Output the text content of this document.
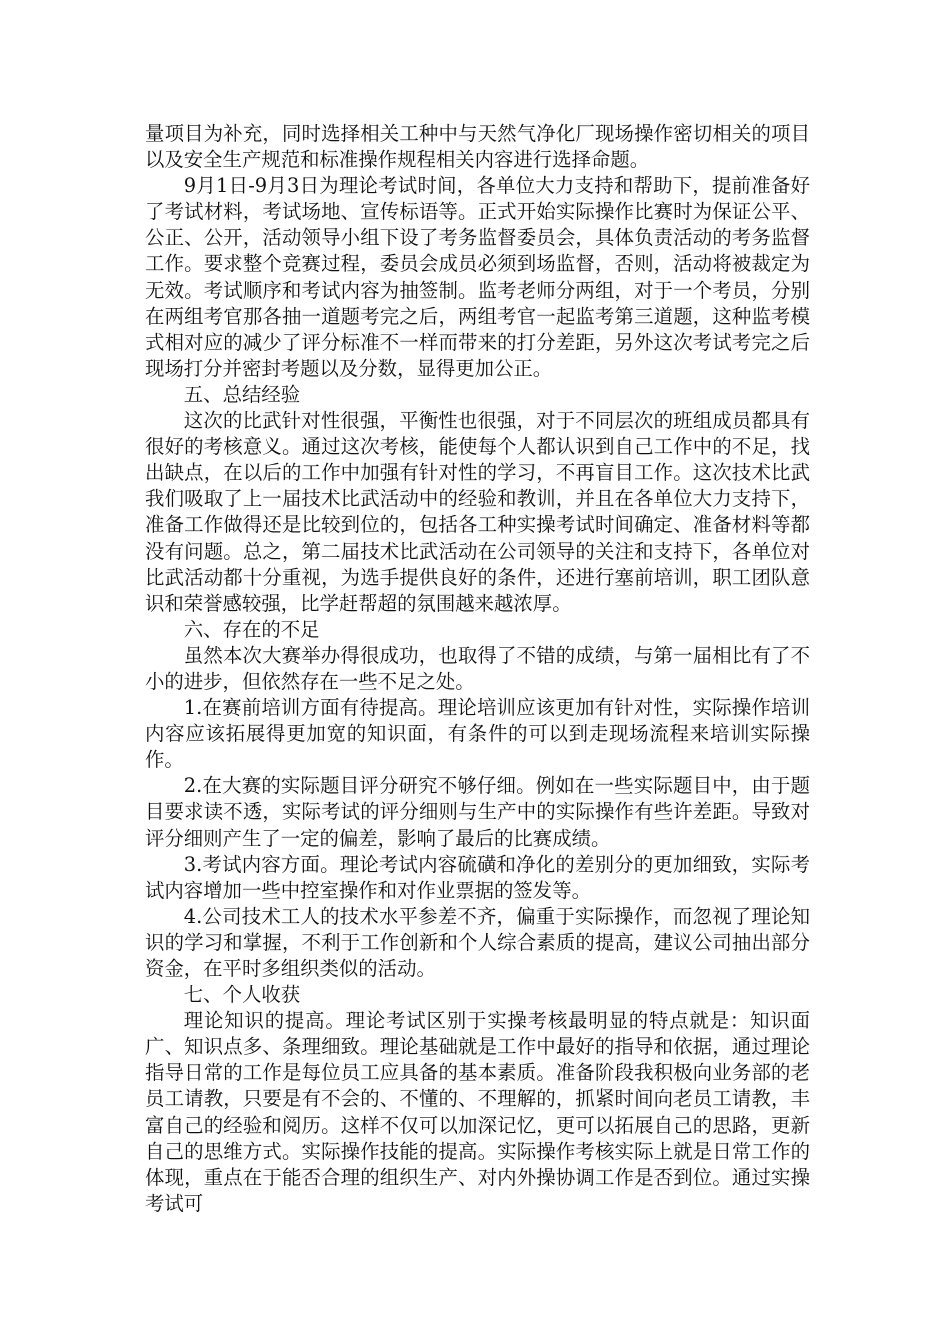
量项目为补充，同时选择相关工种中与天然气净化厂现场操作密切相关的项目以及安全生产规范和标准操作规程相关内容进行选择命题。

9月1日-9月3日为理论考试时间，各单位大力支持和帮助下，提前准备好了考试材料，考试场地、宣传标语等。正式开始实际操作比赛时为保证公平、公正、公开，活动领导小组下设了考务监督委员会，具体负责活动的考务监督工作。要求整个竞赛过程，委员会成员必须到场监督，否则，活动将被裁定为无效。考试顺序和考试内容为抽签制。监考老师分两组，对于一个考员，分别在两组考官那各抽一道题考完之后，两组考官一起监考第三道题，这种监考模式相对应的减少了评分标准不一样而带来的打分差距，另外这次考试考完之后现场打分并密封考题以及分数，显得更加公正。

五、总结经验

这次的比武针对性很强，平衡性也很强，对于不同层次的班组成员都具有很好的考核意义。通过这次考核，能使每个人都认识到自己工作中的不足，找出缺点，在以后的工作中加强有针对性的学习，不再盲目工作。这次技术比武我们吸取了上一届技术比武活动中的经验和教训，并且在各单位大力支持下，准备工作做得还是比较到位的，包括各工种实操考试时间确定、准备材料等都没有问题。总之，第二届技术比武活动在公司领导的关注和支持下，各单位对比武活动都十分重视，为选手提供良好的条件，还进行塞前培训，职工团队意识和荣誉感较强，比学赶帮超的氛围越来越浓厚。

六、存在的不足

虽然本次大赛举办得很成功，也取得了不错的成绩，与第一届相比有了不小的进步，但依然存在一些不足之处。

1.在赛前培训方面有待提高。理论培训应该更加有针对性，实际操作培训内容应该拓展得更加宽的知识面，有条件的可以到走现场流程来培训实际操作。

2.在大赛的实际题目评分研究不够仔细。例如在一些实际题目中，由于题目要求读不透，实际考试的评分细则与生产中的实际操作有些许差距。导致对评分细则产生了一定的偏差，影响了最后的比赛成绩。

3.考试内容方面。理论考试内容硫磺和净化的差别分的更加细致，实际考试内容增加一些中控室操作和对作业票据的签发等。

4.公司技术工人的技术水平参差不齐，偏重于实际操作，而忽视了理论知识的学习和掌握，不利于工作创新和个人综合素质的提高，建议公司抽出部分资金，在平时多组织类似的活动。

七、个人收获

理论知识的提高。理论考试区别于实操考核最明显的特点就是：知识面广、知识点多、条理细致。理论基础就是工作中最好的指导和依据，通过理论指导日常的工作是每位员工应具备的基本素质。准备阶段我积极向业务部的老员工请教，只要是有不会的、不懂的、不理解的，抓紧时间向老员工请教，丰富自己的经验和阅历。这样不仅可以加深记忆，更可以拓展自己的思路，更新自己的思维方式。实际操作技能的提高。实际操作考核实际上就是日常工作的体现，重点在于能否合理的组织生产、对内外操协调工作是否到位。通过实操考试可
